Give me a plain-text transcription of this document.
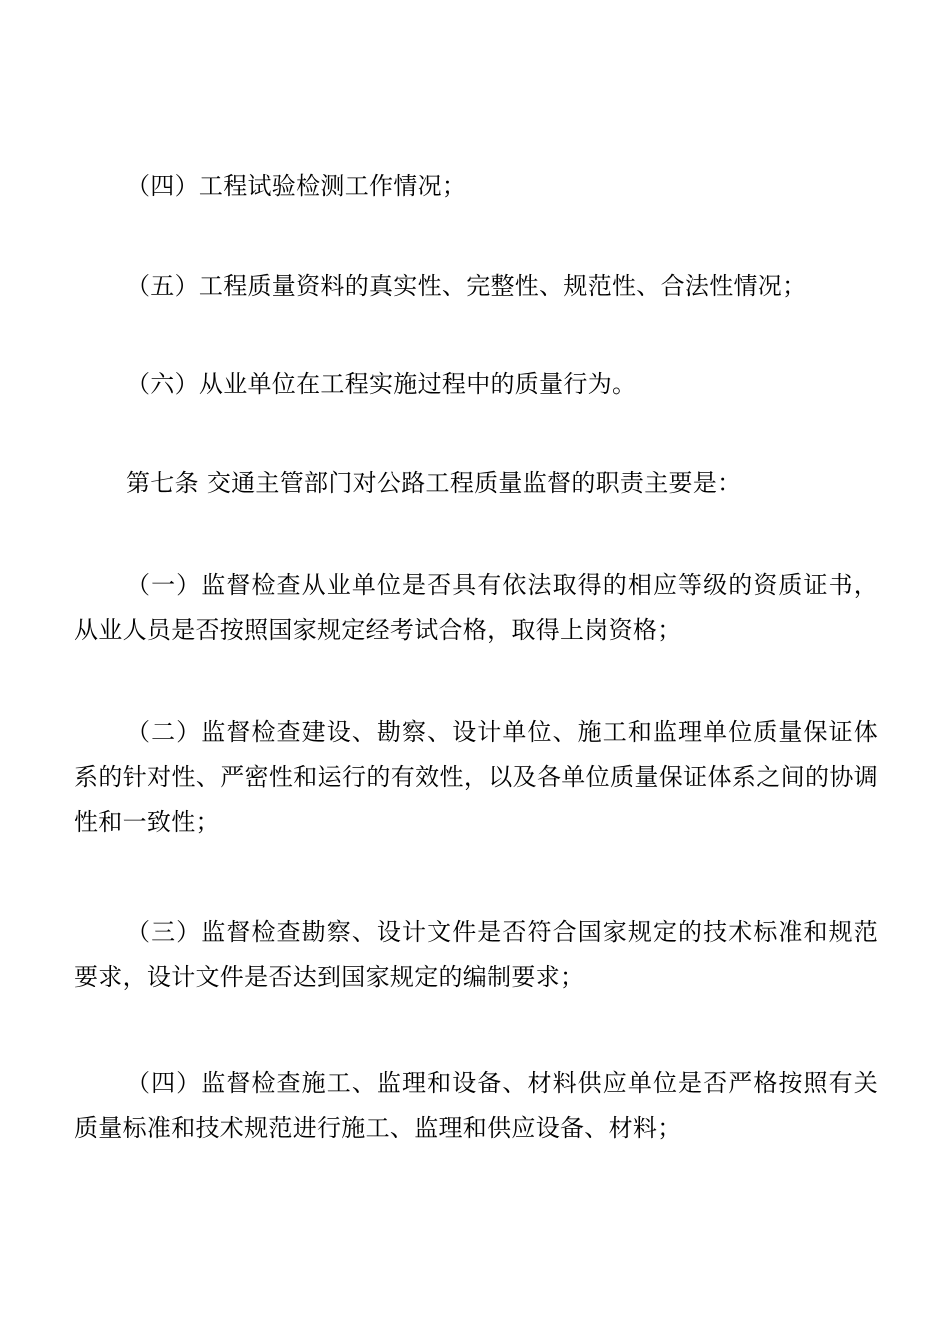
（四）工程试验检测工作情况；

（五）工程质量资料的真实性、完整性、规范性、合法性情况；

（六）从业单位在工程实施过程中的质量行为。

第七条 交通主管部门对公路工程质量监督的职责主要是：

（一）监督检查从业单位是否具有依法取得的相应等级的资质证书，从业人员是否按照国家规定经考试合格，取得上岗资格；

（二）监督检查建设、勘察、设计单位、施工和监理单位质量保证体系的针对性、严密性和运行的有效性，以及各单位质量保证体系之间的协调性和一致性；

（三）监督检查勘察、设计文件是否符合国家规定的技术标准和规范要求，设计文件是否达到国家规定的编制要求；

（四）监督检查施工、监理和设备、材料供应单位是否严格按照有关质量标准和技术规范进行施工、监理和供应设备、材料；
